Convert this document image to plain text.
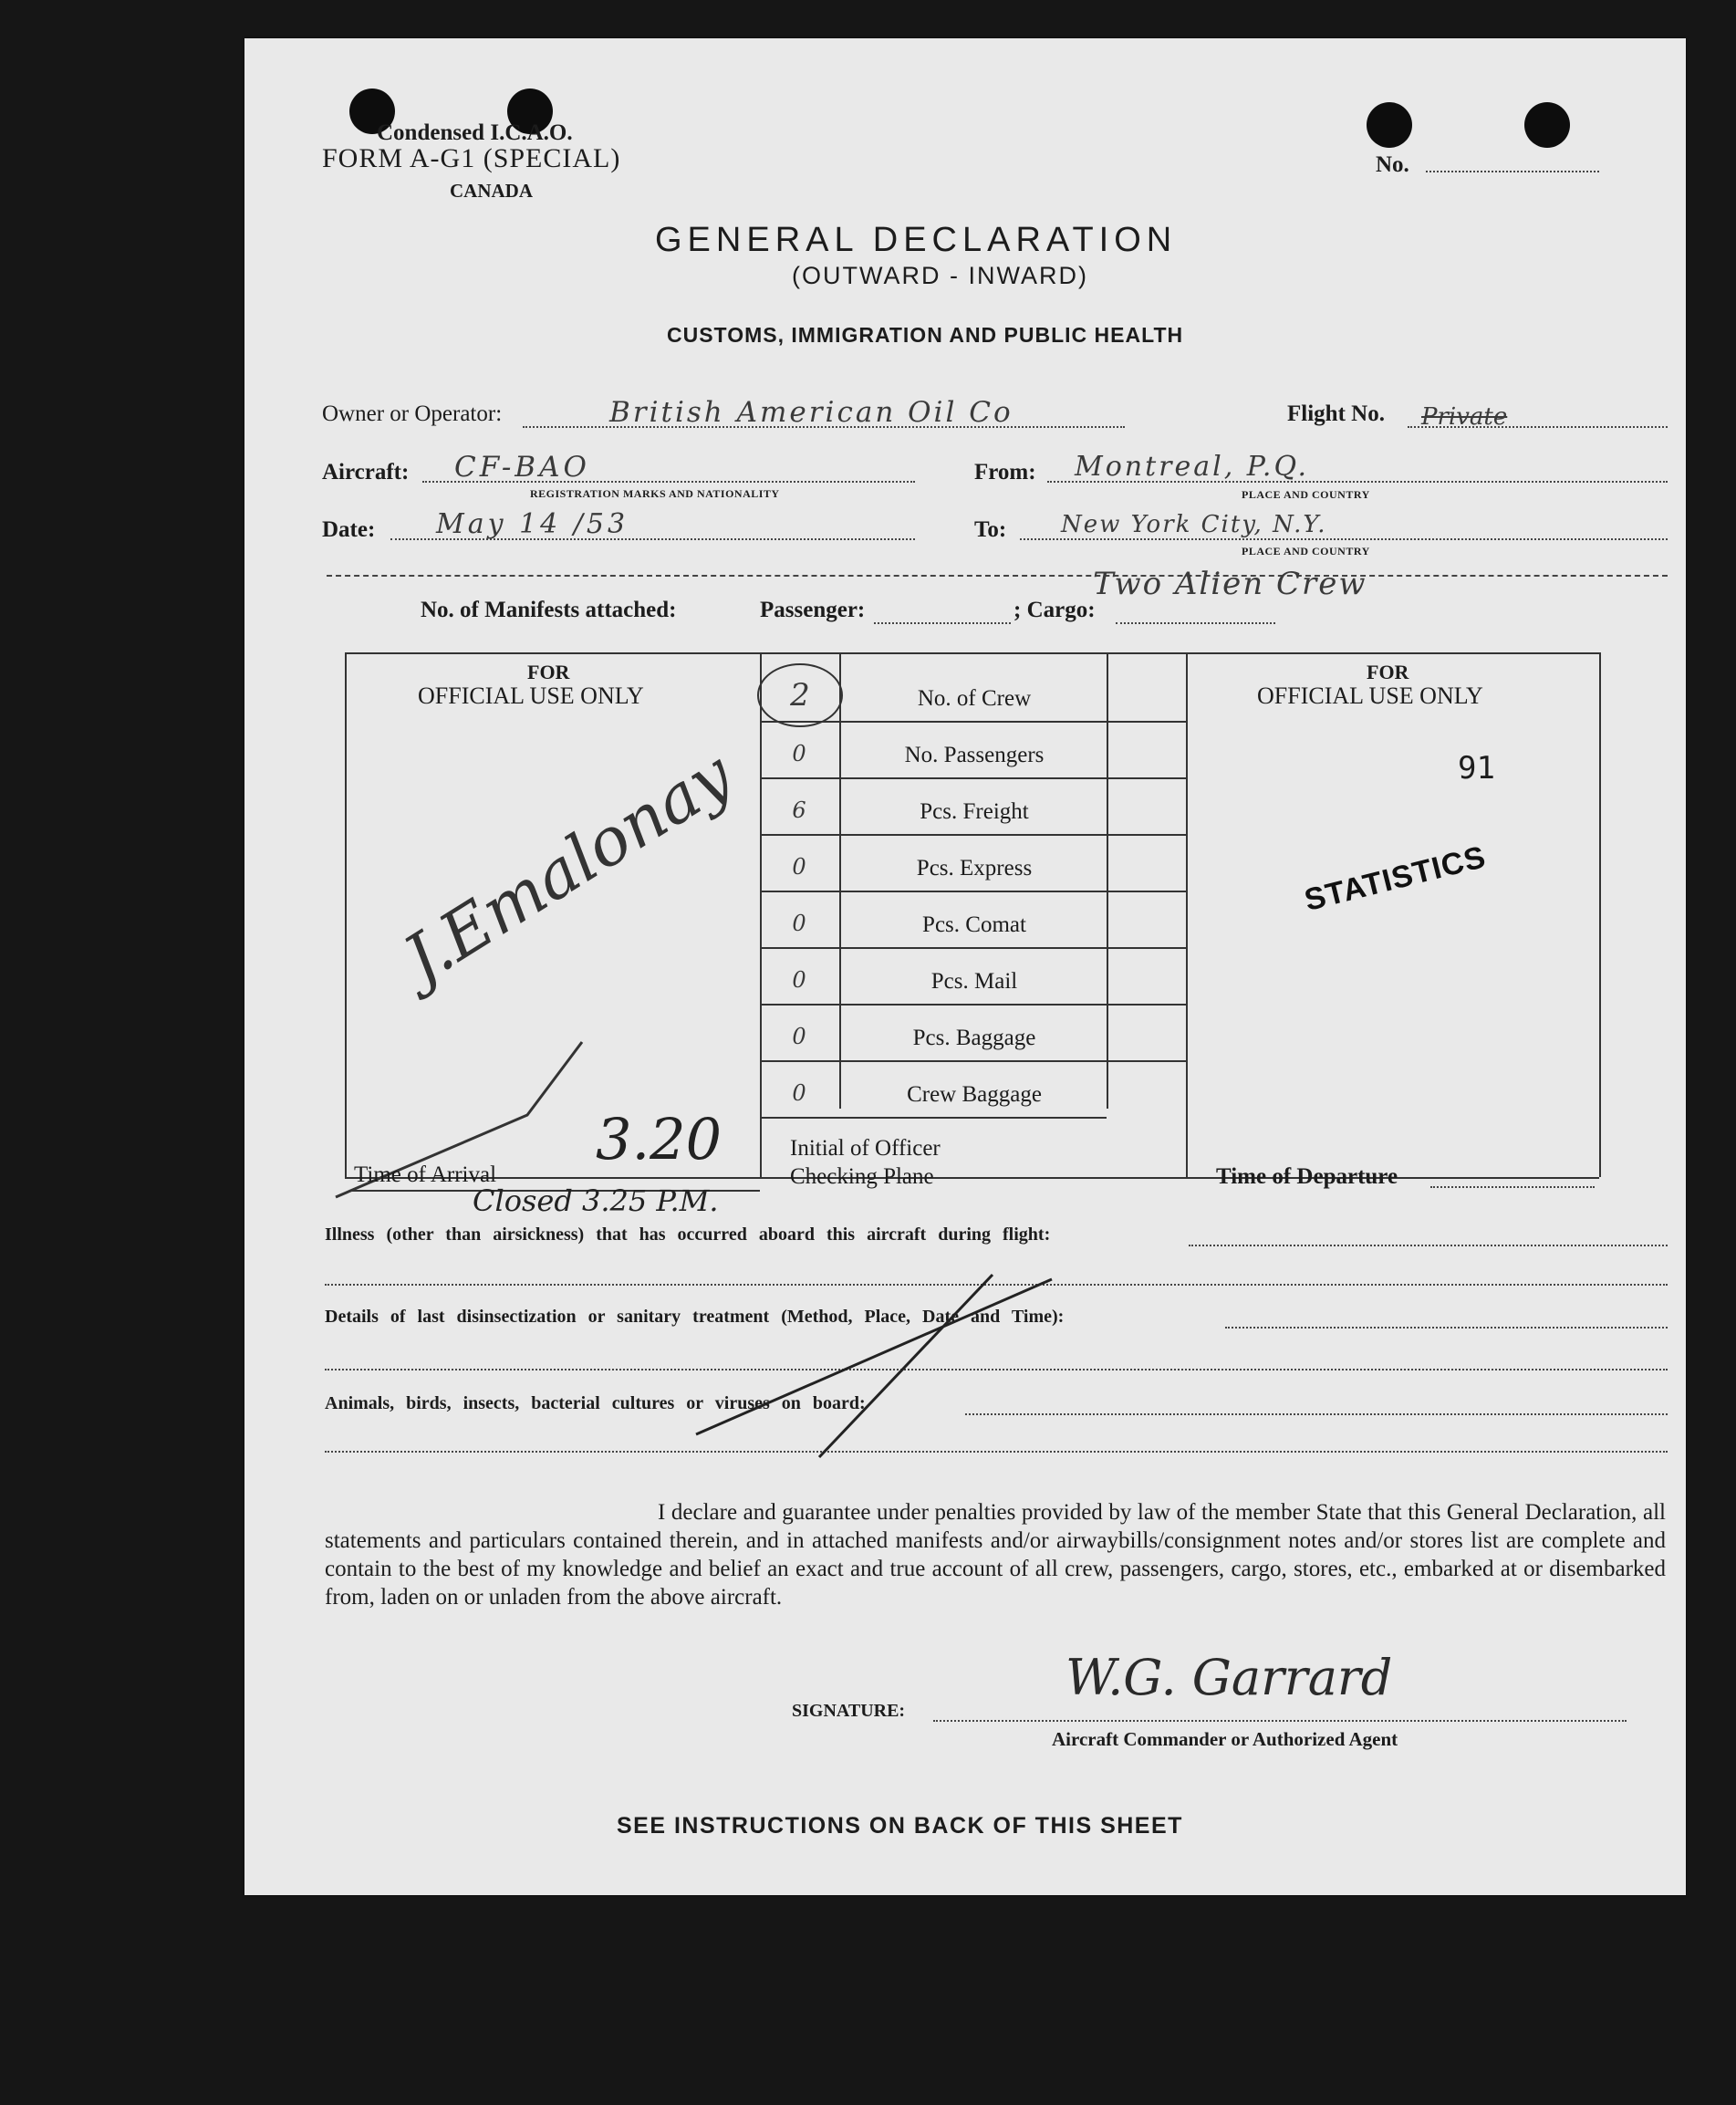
Condensed I.C.A.O.
FORM A-G1 (SPECIAL)
CANADA
No.
GENERAL DECLARATION
(OUTWARD - INWARD)
CUSTOMS, IMMIGRATION AND PUBLIC HEALTH
Owner or Operator:	British American Oil Co	Flight No. Private
Aircraft: CF-BAO
REGISTRATION MARKS AND NATIONALITY
From: Montreal, P.Q.
PLACE AND COUNTRY
Date: May 14 /53	To: New York City, N.Y.
PLACE AND COUNTRY
No. of Manifests attached:	Passenger:	; Cargo:
Two Alien Crew
FOR
OFFICIAL USE ONLY
FOR
OFFICIAL USE ONLY
91
STATISTICS
J.Emalonay
Time of Arrival
3.20
Closed 3.25 P.M.
Initial of Officer
Checking Plane	Time of Departure
Illness (other than airsickness) that has occurred aboard this aircraft during flight:
Details of last disinsectization or sanitary treatment (Method, Place, Date and Time):
Animals, birds, insects, bacterial cultures or viruses on board:
I declare and guarantee under penalties provided by law of the member State that this General Declaration, all statements and particulars contained therein, and in attached manifests and/or airwaybills/consignment notes and/or stores list are complete and contain to the best of my knowledge and belief an exact and true account of all crew, passengers, cargo, stores, etc., embarked at or disembarked from, laden on or unladen from the above aircraft.
SIGNATURE:
W.G. Garrard
Aircraft Commander or Authorized Agent
SEE INSTRUCTIONS ON BACK OF THIS SHEET
2	No. of Crew
0	No. Passengers
6	Pcs. Freight
0	Pcs. Express
0	Pcs. Comat
0	Pcs. Mail
0	Pcs. Baggage
0	Crew Baggage
